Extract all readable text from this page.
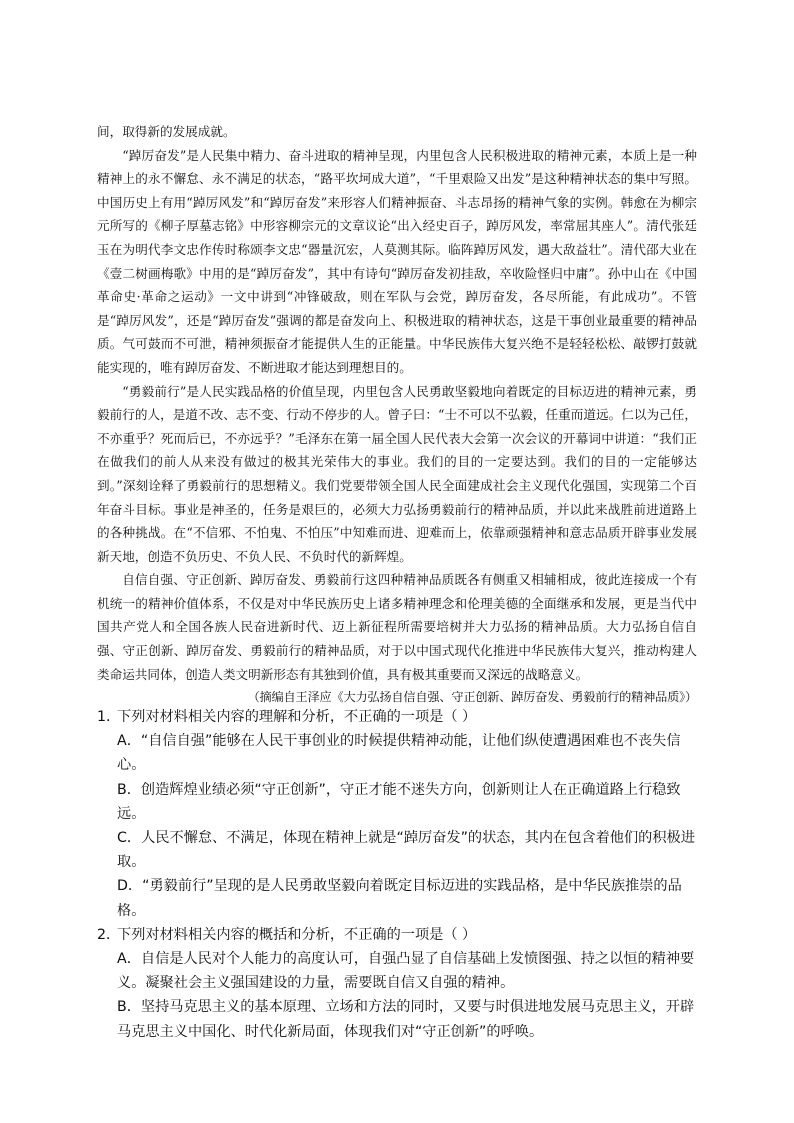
间，取得新的发展成就。

“踔厉奋发”是人民集中精力、奋斗进取的精神呈现，内里包含人民积极进取的精神元素，本质上是一种精神上的永不懈怠、永不满足的状态，“路平坎坷成大道”，“千里艰险又出发”是这种精神状态的集中写照。中国历史上有用“踔厉风发”和“踔厉奋发”来形容人们精神振奋、斗志昂扬的精神气象的实例。韩愈在为柳宗元所写的《柳子厚墓志铭》中形容柳宗元的文章议论“出入经史百子，踔厉风发，率常屈其座人”。清代张廷玉在为明代李文忠作传时称颂李文忠“器量沉宏，人莫测其际。临阵踔厉风发，遇大敌益壮”。清代邵大业在《壹二树画梅歌》中用的是“踔厉奋发”，其中有诗句“踔厉奋发初挂敌，卒收险怪归中庸”。孙中山在《中国革命史·革命之运动》一文中讲到“冲锋破敌，则在军队与会党，踔厉奋发，各尽所能，有此成功”。不管是“踔厉风发”，还是“踔厉奋发”强调的都是奋发向上、积极进取的精神状态，这是干事创业最重要的精神品质。气可鼓而不可泄，精神须振奋才能提供人生的正能量。中华民族伟大复兴绝不是轻轻松松、敲锣打鼓就能实现的，唯有踔厉奋发、不断进取才能达到理想目的。

“勇毅前行”是人民实践品格的价值呈现，内里包含人民勇敢坚毅地向着既定的目标迈进的精神元素，勇毅前行的人，是道不改、志不变、行动不停步的人。曾子曰：“士不可以不弘毅，任重而道远。仁以为己任，不亦重乎？死而后已，不亦远乎？”毛泽东在第一届全国人民代表大会第一次会议的开幕词中讲道：“我们正在做我们的前人从来没有做过的极其光荣伟大的事业。我们的目的一定要达到。我们的目的一定能够达到。”深刻诠释了勇毅前行的思想精义。我们党要带领全国人民全面建成社会主义现代化强国，实现第二个百年奋斗目标。事业是神圣的，任务是艰巨的，必须大力弘扬勇毅前行的精神品质，并以此来战胜前进道路上的各种挑战。在“不信邪、不怕鬼、不怕压”中知难而进、迎难而上，依靠顽强精神和意志品质开辟事业发展新天地，创造不负历史、不负人民、不负时代的新辉煌。

自信自强、守正创新、踔厉奋发、勇毅前行这四种精神品质既各有侧重又相辅相成，彼此连接成一个有机统一的精神价值体系，不仅是对中华民族历史上诸多精神理念和伦理美德的全面继承和发展，更是当代中国共产党人和全国各族人民奋进新时代、迈上新征程所需要培树并大力弘扬的精神品质。大力弘扬自信自强、守正创新、踔厉奋发、勇毅前行的精神品质，对于以中国式现代化推进中华民族伟大复兴，推动构建人类命运共同体，创造人类文明新形态有其独到价值，具有极其重要而又深远的战略意义。

（摘编自王泽应《大力弘扬自信自强、守正创新、踔厉奋发、勇毅前行的精神品质》）

1．下列对材料相关内容的理解和分析，不正确的一项是（ ）

A．“自信自强”能够在人民干事创业的时候提供精神动能，让他们纵使遭遇困难也不丧失信心。

B．创造辉煌业绩必须“守正创新”，守正才能不迷失方向，创新则让人在正确道路上行稳致远。

C．人民不懈怠、不满足，体现在精神上就是“踔厉奋发”的状态，其内在包含着他们的积极进取。

D．“勇毅前行”呈现的是人民勇敢坚毅向着既定目标迈进的实践品格，是中华民族推崇的品格。

2．下列对材料相关内容的概括和分析，不正确的一项是（ ）

A．自信是人民对个人能力的高度认可，自强凸显了自信基础上发愤图强、持之以恒的精神要义。凝聚社会主义强国建设的力量，需要既自信又自强的精神。

B．坚持马克思主义的基本原理、立场和方法的同时，又要与时俱进地发展马克思主义，开辟马克思主义中国化、时代化新局面，体现我们对“守正创新”的呼唤。
